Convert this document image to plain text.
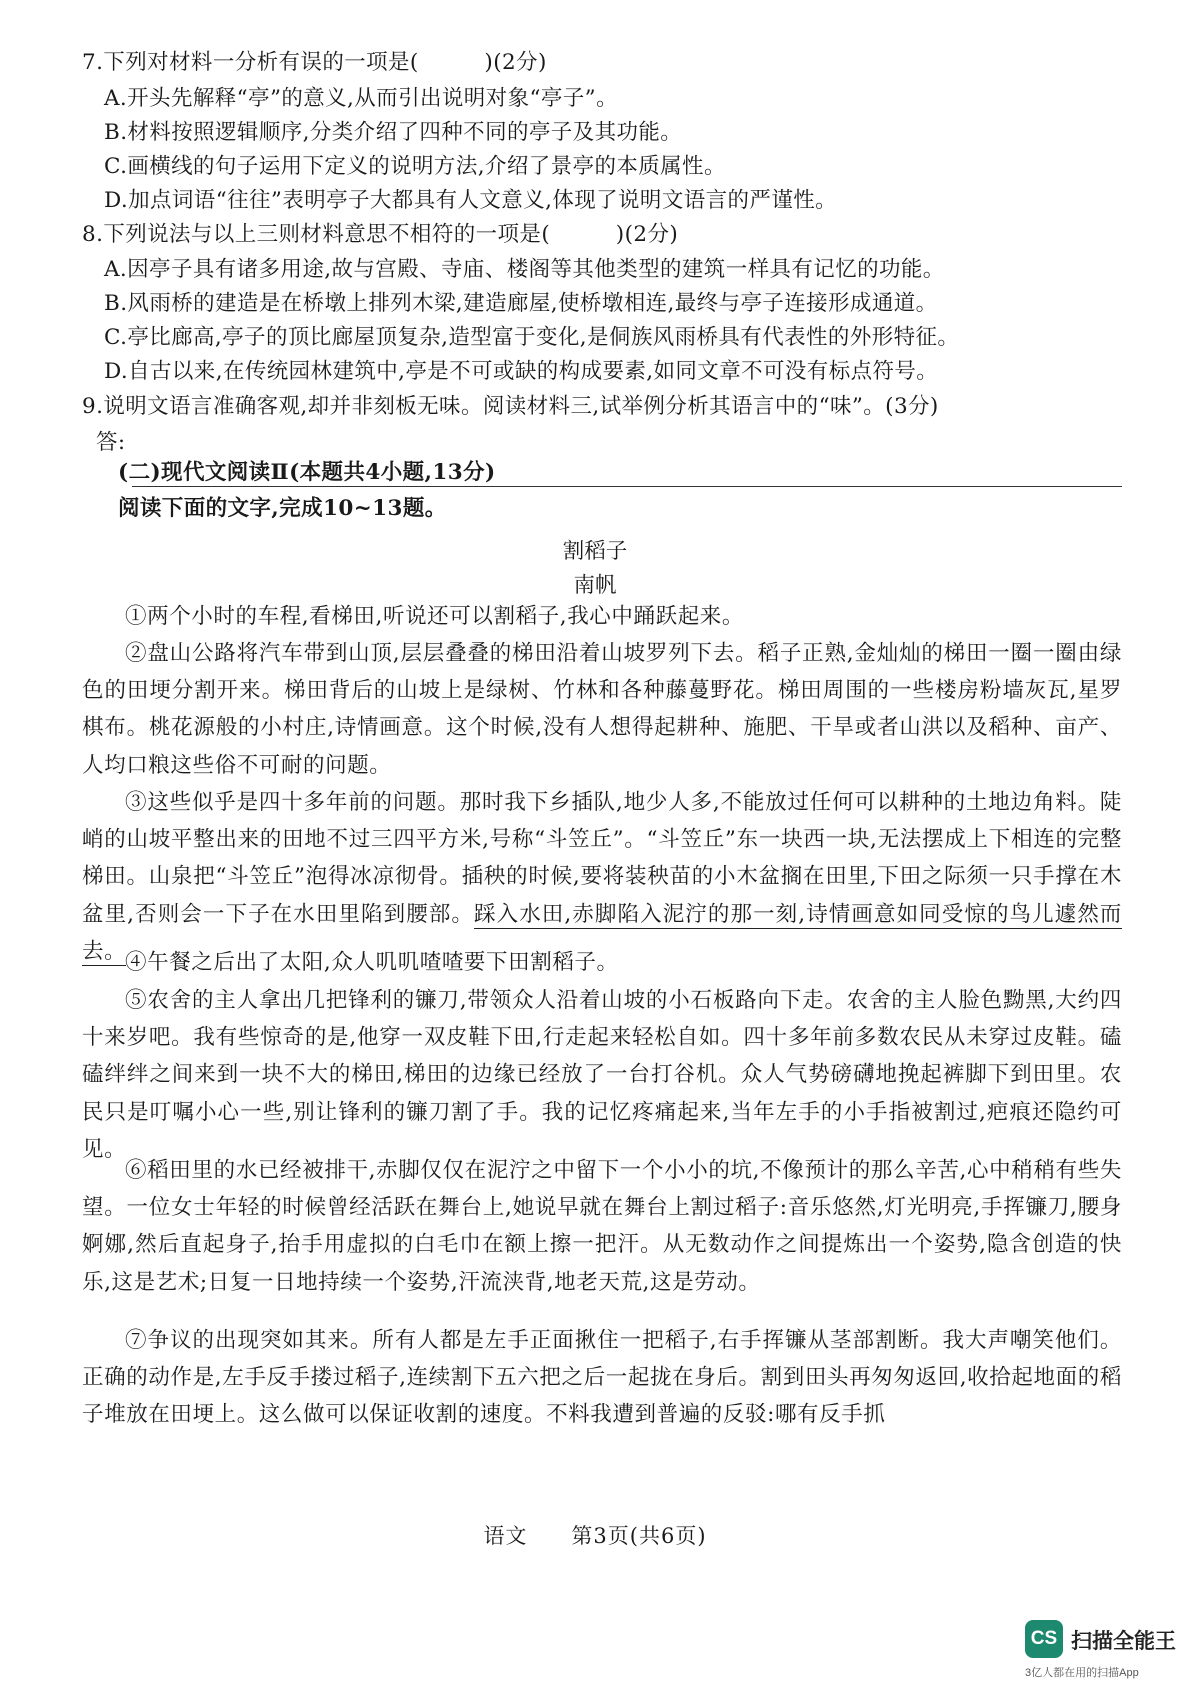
7.下列对材料一分析有误的一项是(　　　)(2分)
A.开头先解释“亭”的意义,从而引出说明对象“亭子”。
B.材料按照逻辑顺序,分类介绍了四种不同的亭子及其功能。
C.画横线的句子运用下定义的说明方法,介绍了景亭的本质属性。
D.加点词语“往往”表明亭子大都具有人文意义,体现了说明文语言的严谨性。
8.下列说法与以上三则材料意思不相符的一项是(　　　)(2分)
A.因亭子具有诸多用途,故与宫殿、寺庙、楼阁等其他类型的建筑一样具有记忆的功能。
B.风雨桥的建造是在桥墩上排列木梁,建造廊屋,使桥墩相连,最终与亭子连接形成通道。
C.亭比廊高,亭子的顶比廊屋顶复杂,造型富于变化,是侗族风雨桥具有代表性的外形特征。
D.自古以来,在传统园林建筑中,亭是不可或缺的构成要素,如同文章不可没有标点符号。
9.说明文语言准确客观,却并非刻板无味。阅读材料三,试举例分析其语言中的“味”。(3分)
答:
(二)现代文阅读Ⅱ(本题共4小题,13分)
阅读下面的文字,完成10~13题。
割稻子
南帆

①两个小时的车程,看梯田,听说还可以割稻子,我心中踊跃起来。

②盘山公路将汽车带到山顶,层层叠叠的梯田沿着山坡罗列下去。稻子正熟,金灿灿的梯田一圈一圈由绿色的田埂分割开来。梯田背后的山坡上是绿树、竹林和各种藤蔓野花。梯田周围的一些楼房粉墙灰瓦,星罗棋布。桃花源般的小村庄,诗情画意。这个时候,没有人想得起耕种、施肥、干旱或者山洪以及稻种、亩产、人均口粮这些俗不可耐的问题。

③这些似乎是四十多年前的问题。那时我下乡插队,地少人多,不能放过任何可以耕种的土地边角料。陡峭的山坡平整出来的田地不过三四平方米,号称“斗笠丘”。“斗笠丘”东一块西一块,无法摆成上下相连的完整梯田。山泉把“斗笠丘”泡得冰凉彻骨。插秧的时候,要将装秧苗的小木盆搁在田里,下田之际须一只手撑在木盆里,否则会一下子在水田里陷到腰部。踩入水田,赤脚陷入泥泞的那一刻,诗情画意如同受惊的鸟儿遽然而去。

④午餐之后出了太阳,众人叽叽喳喳要下田割稻子。

⑤农舍的主人拿出几把锋利的镰刀,带领众人沿着山坡的小石板路向下走。农舍的主人脸色黝黑,大约四十来岁吧。我有些惊奇的是,他穿一双皮鞋下田,行走起来轻松自如。四十多年前多数农民从未穿过皮鞋。磕磕绊绊之间来到一块不大的梯田,梯田的边缘已经放了一台打谷机。众人气势磅礴地挽起裤脚下到田里。农民只是叮嘱小心一些,别让锋利的镰刀割了手。我的记忆疼痛起来,当年左手的小手指被割过,疤痕还隐约可见。

⑥稻田里的水已经被排干,赤脚仅仅在泥泞之中留下一个小小的坑,不像预计的那么辛苦,心中稍稍有些失望。一位女士年轻的时候曾经活跃在舞台上,她说早就在舞台上割过稻子:音乐悠然,灯光明亮,手挥镰刀,腰身婀娜,然后直起身子,抬手用虚拟的白毛巾在额上擦一把汗。从无数动作之间提炼出一个姿势,隐含创造的快乐,这是艺术;日复一日地持续一个姿势,汗流浃背,地老天荒,这是劳动。

⑦争议的出现突如其来。所有人都是左手正面揪住一把稻子,右手挥镰从茎部割断。我大声嘲笑他们。正确的动作是,左手反手搂过稻子,连续割下五六把之后一起拢在身后。割到田头再匆匆返回,收拾起地面的稻子堆放在田埂上。这么做可以保证收割的速度。不料我遭到普遍的反驳:哪有反手抓

语文　　第3页(共6页)
CS 扫描全能王
3亿人都在用的扫描App
